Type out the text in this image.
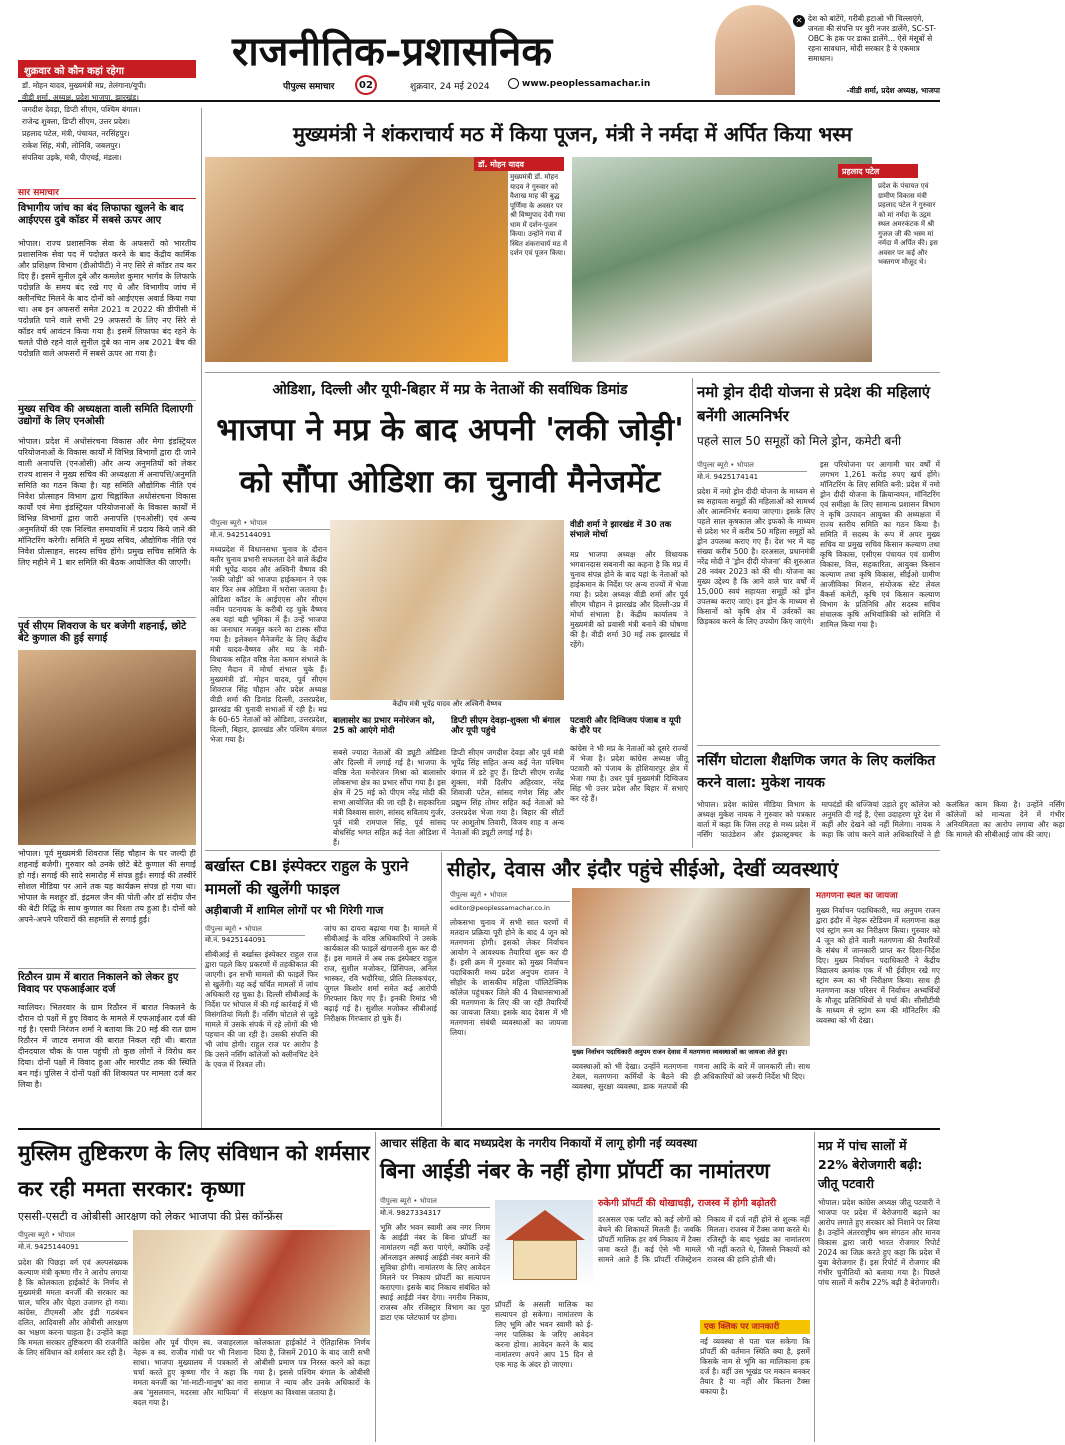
राजनीतिक-प्रशासनिक
पीपुल्स समाचार	02	शुक्रवार, 24 मई 2024	www.peoplessamachar.in
✕ देश को बांटेंगे, गरीबी हटाओ भी चिल्लाएंगे, जनता की संपत्ति पर बुरी नजर डालेंगे, SC-ST-OBC के हक पर डाका डालेंगे... ऐसे मंसूबों से रहना सावधान, मोदी सरकार है ये एकमात्र समाधान।
-वीडी शर्मा, प्रदेश अध्यक्ष, भाजपा
शुक्रवार को कौन कहां रहेगा
डॉ. मोहन यादव, मुख्यमंत्री मप्र, तेलंगाना/यूपी।
वीडी शर्मा, अध्यक्ष, प्रदेश भाजपा, झारखंड।
जगदीश देवड़ा, डिप्टी सीएम, पश्चिम बंगाल।
राजेन्द्र शुक्ला, डिप्टी सीएम, उत्तर प्रदेश।
प्रहलाद पटेल, मंत्री, पंचायत, नरसिंहपुर।
राकेश सिंह, मंत्री, लोनिवि, जबलपुर।
संपतिया उइके, मंत्री, पीएचई, मंडला।
सार समाचार
विभागीय जांच का बंद लिफाफा खुलने के बाद आईएएस दुबे कॉडर में सबसे ऊपर आए
भोपाल। राज्य प्रशासनिक सेवा के अफसरों को भारतीय प्रशासनिक सेवा पद में पदोन्नत करने के बाद केंद्रीय कार्मिक और प्रशिक्षण विभाग (डीओपीटी) ने नए सिरे से कॉडर तय कर दिए हैं। इसमें सुनील दुबे और कमलेश कुमार भार्गव के लिफाफे पदोन्नति के समय बंद रखे गए थे और विभागीय जांच में क्लीनचिट मिलने के बाद दोनों को आईएएस अवार्ड किया गया था। अब इन अफसरों समेत 2021 व 2022 की डीपीसी में पदोन्नति पाने वाले सभी 29 अफसरों के लिए नए सिरे से कॉडर वर्ष आवंटन किया गया है। इसमें लिफाफा बंद रहने के चलते पीछे रहने वाले सुनील दुबे का नाम अब 2021 बैच की पदोन्नति वाले अफसरों में सबसे ऊपर आ गया है।
मुख्य सचिव की अध्यक्षता वाली समिति दिलाएगी उद्योगों के लिए एनओसी
भोपाल। प्रदेश में अधोसंरचना विकास और मेगा इंडस्ट्रियल परियोजनाओं के विकास कार्यों में विभिन्न विभागों द्वारा दी जाने वाली अनापत्ति (एनओसी) और अन्य अनुमतियों को लेकर राज्य शासन ने मुख्य सचिव की अध्यक्षता में अनापत्ति/अनुमति समिति का गठन किया है। यह समिति औद्योगिक नीति एवं निवेश प्रोत्साहन विभाग द्वारा चिह्नांकित अधोसंरचना विकास कार्यों एवं मेगा इंडस्ट्रियल परियोजनाओं के विकास कार्यों में विभिन्न विभागों द्वारा जारी अनापत्ति (एनओसी) एवं अन्य अनुमतियों की एक निश्चित समयावधि में प्रदाय किये जाने की मॉनिटरिंग करेगी। समिति में मुख्य सचिव, औद्योगिक नीति एवं निवेश प्रोत्साहन, सदस्य सचिव होंगे। प्रमुख सचिव समिति के लिए महीने में 1 बार समिति की बैठक आयोजित की जाएगी।
पूर्व सीएम शिवराज के घर बजेगी शहनाई, छोटे बेटे कुणाल की हुई सगाई
भोपाल। पूर्व मुख्यमंत्री शिवराज सिंह चौहान के घर जल्दी ही शहनाई बजेगी। गुरुवार को उनके छोटे बेटे कुणाल की सगाई हो गई। सगाई की सादे समारोह में संपन्न हुई। सगाई की तस्वीरें सोशल मीडिया पर आने तक यह कार्यक्रम संपन्न हो गया था। भोपाल के मशहूर डॉ. इंद्रमल जैन की पोती और डॉ संदीप जैन की बेटी रिद्धि के साथ कुणाल का रिश्ता तय हुआ है। दोनों को अपने-अपने परिवारों की सहमति से सगाई हुई।
रिठौरन ग्राम में बारात निकालने को लेकर हुए विवाद पर एफआईआर दर्ज
ग्वालियर। भितरवार के ग्राम रिठौरन में बारात निकलने के दौरान दो पक्षों में हुए विवाद के मामले में एफआईआर दर्ज की गई है। एसपी निरंजन शर्मा ने बताया कि 20 मई की रात ग्राम रिठौरन में जाटव समाज की बारात निकल रही थी। बारात दीनदयाल चौक के पास पहुंची तो कुछ लोगों ने विरोध कर दिया। दोनों पक्षों में विवाद हुआ और मारपीट तक की स्थिति बन गई। पुलिस ने दोनों पक्षों की शिकायत पर मामला दर्ज कर लिया है।
मुख्यमंत्री ने शंकराचार्य मठ में किया पूजन, मंत्री ने नर्मदा में अर्पित किया भस्म
डॉ. मोहन यादव
मुख्यमंत्री डॉ. मोहन यादव ने गुरुवार को वैशाख माह की बुद्ध पूर्णिमा के अवसर पर श्री विष्णुपाद देवी गया धाम में दर्शन-पूजन किया। उन्होंने गया में स्थित शंकराचार्य मठ में दर्शन एवं पूजन किया।
प्रहलाद पटेल
प्रदेश के पंचायत एवं ग्रामीण विकास मंत्री प्रहलाद पटेल ने गुरुवार को मां नर्मदा के उद्गम स्थल अमरकंटक में श्री गुजज जी की भस्म मां नर्मदा में अर्पित की। इस अवसर पर कई और भक्तगण मौजूद थे।
ओडिशा, दिल्ली और यूपी-बिहार में मप्र के नेताओं की सर्वाधिक डिमांड
भाजपा ने मप्र के बाद अपनी 'लकी जोड़ी' को सौंपा ओडिशा का चुनावी मैनेजमेंट
पीपुल्स ब्यूरो • भोपाल
मो.नं. 9425144091
केंद्रीय मंत्री भूपेंद्र यादव और अश्विनी वैष्णव
मध्यप्रदेश में विधानसभा चुनाव के दौरान बतौर चुनाव प्रभारी सफलता देने वाले केंद्रीय मंत्री भूपेंद्र यादव और अश्विनी वैष्णव की 'लकी जोड़ी' को भाजपा हाईकमान ने एक बार फिर अब ओडिशा में भरोसा जताया है। ओडिशा कॉडर के आईएएस और सीएम नवीन पटनायक के करीबी रह चुके वैष्णव अब यहां बड़ी भूमिका में हैं। उन्हें भाजपा का जनाधार मजबूत करने का टास्क सौंपा गया है। इलेक्शन मैनेजमेंट के लिए केंद्रीय मंत्री यादव-वैष्णव और मप्र के मंत्री-विधायक सहित वरिष्ठ नेता कमान संभाले के लिए मैदान में मोर्चा संभाल चुके हैं। मुख्यमंत्री डॉ. मोहन यादव, पूर्व सीएम शिवराज सिंह चौहान और प्रदेश अध्यक्ष वीडी शर्मा की डिमांड दिल्ली, उत्तरप्रदेश, झारखंड की चुनावी सभाओं में रही है। मप्र के 60-65 नेताओं को ओडिशा, उत्तरप्रदेश, दिल्ली, बिहार, झारखंड और पश्चिम बंगाल भेजा गया है।
बालासोर का प्रभार मनोरंजन को, 25 को आएंगे मोदी
सबसे ज्यादा नेताओं की ड्यूटी ओडिशा और दिल्ली में लगाई गई है। भाजपा के वरिष्ठ नेता मनोरंजन मिश्रा को बालासोर लोकसभा क्षेत्र का प्रभार सौंपा गया है। इस क्षेत्र में 25 मई को पीएम नरेंद्र मोदी की सभा आयोजित की जा रही है। सहकारिता मंत्री विश्वास सारंग, सांसद सविताय गुर्जर, पूर्व मंत्री रामपाल सिंह, पूर्व सांसद बोधसिंह भगत सहित कई नेता ओडिशा में हैं।
डिप्टी सीएम देवड़ा-शुक्ला भी बंगाल और यूपी पहुंचे
डिप्टी सीएम जगदीश देवड़ा और पूर्व मंत्री भूपेंद्र सिंह सहित अन्य कई नेता पश्चिम बंगाल में डटे हुए हैं। डिप्टी सीएम राजेंद्र शुक्ला, मंत्री दिलीप अहिरवार, नरेंद्र शिवाजी पटेल, सांसद गणेश सिंह और प्रद्युम्न सिंह तोमर सहित कई नेताओं को उत्तरप्रदेश भेजा गया है। बिहार की सीटों पर आशुतोष तिवारी, विजय शाह व अन्य नेताओं की ड्यूटी लगाई गई है।
वीडी शर्मा ने झारखंड में 30 तक संभाले मोर्चा
मप्र भाजपा अध्यक्ष और विधायक भगवानदास सबनानी का कहना है कि मप्र में चुनाव संपन्न होने के बाद यहां के नेताओं को हाईकमान के निर्देश पर अन्य राज्यों में भेजा गया है। प्रदेश अध्यक्ष वीडी शर्मा और पूर्व सीएम चौहान ने झारखंड और दिल्ली-उप्र में मोर्चा संभाला है। केंद्रीय कार्यालय ने मुख्यमंत्री को प्रवासी मंत्री बनाने की घोषणा की है। वीडी शर्मा 30 मई तक झारखंड में रहेंगे।
पटवारी और दिग्विजय पंजाब व यूपी के दौरे पर
कांग्रेस ने भी मप्र के नेताओं को दूसरे राज्यों में भेजा है। प्रदेश कांग्रेस अध्यक्ष जीतू पटवारी को पंजाब के होशियारपुर क्षेत्र में भेजा गया है। उधर पूर्व मुख्यमंत्री दिग्विजय सिंह भी उत्तर प्रदेश और बिहार में सभाएं कर रहे हैं।
नमो ड्रोन दीदी योजना से प्रदेश की महिलाएं बनेंगी आत्मनिर्भर
पहले साल 50 समूहों को मिले ड्रोन, कमेटी बनी
पीपुल्स ब्यूरो • भोपाल
मो.नं. 9425174141
प्रदेश में नमो ड्रोन दीदी योजना के माध्यम से स्व सहायता समूहों की महिलाओं को सामर्थ्य और आत्मनिर्भर बनाया जाएगा। इसके लिए पहले साल कृषकाल और इफको के माध्यम से प्रदेश भर में करीब 50 महिला समूहों को ड्रोन उपलब्ध कराए गए हैं। देश भर में यह संख्या करीब 500 है। दरअसल, प्रधानमंत्री नरेंद्र मोदी ने 'ड्रोन दीदी योजना' की शुरुआत 28 नवंबर 2023 को की थी। योजना का मुख्य उद्देश्य है कि आने वाले चार वर्षों में 15,000 स्वयं सहायता समूहों को ड्रोन उपलब्ध कराए जाएं। इन ड्रोन के माध्यम से किसानों को कृषि क्षेत्र में उर्वरकों का छिड़काव करने के लिए उपयोग किए जाएंगे।
इस परियोजना पर आगामी चार वर्षों में लगभग 1,261 करोड़ रुपए खर्च होंगे। मॉनिटरिंग के लिए समिति बनी: प्रदेश में नमो ड्रोन दीदी योजना के क्रियान्वयन, मॉनिटरिंग एवं समीक्षा के लिए सामान्य प्रशासन विभाग ने कृषि उत्पादन आयुक्त की अध्यक्षता में राज्य स्तरीय समिति का गठन किया है। समिति में सदस्य के रूप में अपर मुख्य सचिव या प्रमुख सचिव किसान कल्याण तथा कृषि विकास, एसीएस पंचायत एवं ग्रामीण विकास, वित्त, सहकारिता, आयुक्त किसान कल्याण तथा कृषि विकास, सीईओ ग्रामीण आजीविका मिशन, संयोजक स्टेट लेवल बैंकर्स कमेटी, कृषि एवं किसान कल्याण विभाग के प्रतिनिधि और सदस्य सचिव संचालक कृषि अभियांत्रिकी को समिति में शामिल किया गया है।
नर्सिंग घोटाला शैक्षणिक जगत के लिए कलंकित करने वाला: मुकेश नायक
भोपाल। प्रदेश कांग्रेस मीडिया विभाग के अध्यक्ष मुकेश नायक ने गुरुवार को पत्रकार वार्ता में कहा कि जिस तरह से मध्य प्रदेश में नर्सिंग फाउंडेशन और इंफ्रास्ट्रक्चर के मापदंडों की धज्जियां उड़ाते हुए कॉलेज को अनुमति दी गई है, ऐसा उदाहरण पूरे देश में कहीं और देखने को नहीं मिलेगा। नायक ने कहा कि जांच करने वाले अधिकारियों ने ही कलंकित काम किया है। उन्होंने नर्सिंग कॉलेजों को मान्यता देने में गंभीर अनियमितता का आरोप लगाया और कहा कि मामले की सीबीआई जांच की जाए।
बर्खास्त CBI इंस्पेक्टर राहुल के पुराने मामलों की खुलेंगी फाइल
अड़ीबाजी में शामिल लोगों पर भी गिरेगी गाज
पीपुल्स ब्यूरो • भोपाल
मो.नं. 9425144091
सीबीआई से बर्खास्त इंस्पेक्टर राहुल राज द्वारा पहले किए प्रकरणों में तहकीकात की जाएगी। इन सभी मामलों की फाइलें फिर से खुलेंगी। यह कई चर्चित मामलों में जांच अधिकारी रह चुका है। दिल्ली सीबीआई के निर्देश पर भोपाल में की गई कार्रवाई में भी विसंगतियां मिली हैं। नर्सिंग घोटाले से जुड़े मामले में उसके संपर्क में रहे लोगों की भी पहचान की जा रही है। उसकी संपत्ति की भी जांच होगी। राहुल राज पर आरोप है कि उसने नर्सिंग कॉलेजों को क्लीनचिट देने के एवज में रिश्वत ली।
जांच का दायरा बढ़ाया गया है। मामले में सीबीआई के वरिष्ठ अधिकारियों ने उसके कार्यकाल की फाइलें खंगालनी शुरू कर दी हैं। इस मामले में अब तक इंस्पेक्टर राहुल राज, सुशील मजोकर, प्रिंसिपल, अनिल भास्कर, रवि भदौरिया, प्रीति तिलकचंदर, जुगल किशोर शर्मा समेत कई आरोपी गिरफ्तार किए गए हैं। इनकी रिमांड भी बढ़ाई गई है। सुशील मजोकर सीबीआई निरीक्षक गिरफ्तार हो चुके हैं।
सीहोर, देवास और इंदौर पहुंचे सीईओ, देखीं व्यवस्थाएं
पीपुल्स ब्यूरो • भोपाल
editor@peoplessamachar.co.in
लोकसभा चुनाव में सभी सात चरणों में मतदान प्रक्रिया पूरी होने के बाद 4 जून को मतगणना होगी। इसको लेकर निर्वाचन आयोग ने आवश्यक तैयारियां शुरू कर दी हैं। इसी क्रम में गुरुवार को मुख्य निर्वाचन पदाधिकारी मध्य प्रदेश अनुपम राजन ने सीहोर के शासकीय महिला पॉलिटेक्निक कॉलेज पहुंचकर जिले की 4 विधानसभाओं की मतगणना के लिए की जा रही तैयारियों का जायजा लिया। इसके बाद देवास में भी मतगणना संबंधी व्यवस्थाओं का जायजा लिया।
मुख्य निर्वाचन पदाधिकारी अनुपम राजन देवास में मतगणना व्यवस्थाओं का जायजा लेते हुए।
व्यवस्थाओं को भी देखा। उन्होंने मतगणना टेबल, मतगणना कर्मियों के बैठने की व्यवस्था, सुरक्षा व्यवस्था, डाक मतपत्रों की गणना आदि के बारे में जानकारी ली। साथ ही अधिकारियों को जरूरी निर्देश भी दिए।
मतगणना स्थल का जायजा
मुख्य निर्वाचन पदाधिकारी, मप्र अनुपम राजन द्वारा इंदौर में नेहरू स्टेडियम में मतगणना कक्ष एवं स्ट्रांग रूम का निरीक्षण किया। गुरुवार को 4 जून को होने वाली मतगणना की तैयारियों के संबंध में जानकारी प्राप्त कर दिशा-निर्देश दिए। मुख्य निर्वाचन पदाधिकारी ने केंद्रीय विद्यालय क्रमांक एक में भी ईवीएम रखे गए स्ट्रांग रूम का भी निरीक्षण किया। साथ ही मतगणना कक्ष परिसर में निर्वाचन अभ्यर्थियों के मौजूद प्रतिनिधियों से चर्चा की। सीसीटीवी के माध्यम से स्ट्रांग रूम की मॉनिटरिंग की व्यवस्था को भी देखा।
मुस्लिम तुष्टिकरण के लिए संविधान को शर्मसार कर रही ममता सरकार: कृष्णा
एससी-एसटी व ओबीसी आरक्षण को लेकर भाजपा की प्रेस कॉन्फ्रेंस
पीपुल्स ब्यूरो • भोपाल
मो.नं. 9425144091
प्रदेश की पिछड़ा वर्ग एवं अल्पसंख्यक कल्याण मंत्री कृष्णा गौर ने आरोप लगाया है कि कोलकाता हाईकोर्ट के निर्णय से मुख्यमंत्री ममता बनर्जी की सरकार का चाल, चरित्र और चेहरा उजागर हो गया। कांग्रेस, टीएमसी और इंडी गठबंधन दलित, आदिवासी और ओबीसी आरक्षण का भक्षण करना चाहता है। उन्होंने कहा कि ममता सरकार तुष्टिकरण की राजनीति के लिए संविधान को शर्मसार कर रही है।
कांग्रेस और पूर्व पीएम स्व. जवाहरलाल नेहरू व स्व. राजीव गांधी पर भी निशाना साधा। भाजपा मुख्यालय में पत्रकारों से चर्चा करते हुए कृष्णा गौर ने कहा कि ममता बनर्जी का 'मां-माटी-मानुष' का नारा अब 'मुसलमान, मदरसा और माफिया' में बदल गया है।
कोलकाता हाईकोर्ट ने ऐतिहासिक निर्णय दिया है, जिसमें 2010 के बाद जारी सभी ओबीसी प्रमाण पत्र निरस्त करने को कहा गया है। इससे पश्चिम बंगाल के ओबीसी समाज ने न्याय और उनके अधिकारों के संरक्षण का विश्वास जताया है।
आचार संहिता के बाद मध्यप्रदेश के नगरीय निकायों में लागू होगी नई व्यवस्था
बिना आईडी नंबर के नहीं होगा प्रॉपर्टी का नामांतरण
पीपुल्स ब्यूरो • भोपाल
मो.नं. 9827334317
भूमि और भवन स्वामी अब नगर निगम के आईडी नंबर के बिना प्रॉपर्टी का नामांतरण नहीं करा पाएंगे, क्योंकि उन्हें ऑनलाइन अस्थाई आईडी नंबर बनाने की सुविधा होगी। नामांतरण के लिए आवेदन मिलने पर निकाय प्रॉपर्टी का सत्यापन कराएगा। इसके बाद निकाय संबंधित को स्थाई आईडी नंबर देगा। नगरीय निकाय, राजस्व और रजिस्ट्रार विभाग का पूरा डाटा एक प्लेटफार्म पर होगा।
प्रॉपर्टी के असली मालिक का सत्यापन हो सकेगा। नामांतरण के लिए भूमि और भवन स्वामी को ई-नगर पालिका के जरिए आवेदन करना होगा। आवेदन करने के बाद नामांतरण अपने आप 15 दिन से एक माह के अंदर हो जाएगा।
रुकेगी प्रॉपर्टी की धोखाधड़ी, राजस्व में होगी बढ़ोतरी
दरअसल एक प्लॉट को कई लोगों को बेचने की शिकायतें मिलती हैं। जबकि प्रॉपर्टी मालिक हर वर्ष निकाय में टैक्स जमा करते हैं। कई ऐसे भी मामले सामने आते हैं कि प्रॉपर्टी रजिस्ट्रेशन निकाय में दर्ज नहीं होने से शुल्क नहीं मिलता। राजस्व में टैक्स जमा करते थे। रजिस्ट्री के बाद भूखंड का नामांतरण भी नहीं कराते थे, जिससे निकायों को राजस्व की हानि होती थी।
एक क्लिक पर जानकारी
नई व्यवस्था से पता चल सकेगा कि प्रॉपर्टी की वर्तमान स्थिति क्या है, इसमें किसके नाम से भूमि का मालिकाना हक दर्ज है। वहीं उस भूखंड पर मकान बनकर तैयार है या नहीं और कितना टैक्स बकाया है।
मप्र में पांच सालों में 22% बेरोजगारी बढ़ी: जीतू पटवारी
भोपाल। प्रदेश कांग्रेस अध्यक्ष जीतू पटवारी ने भाजपा पर प्रदेश में बेरोजगारी बढ़ाने का आरोप लगाते हुए सरकार को निशाने पर लिया है। उन्होंने अंतरराष्ट्रीय श्रम संगठन और मानव विकास द्वारा जारी भारत रोजगार रिपोर्ट 2024 का जिक्र करते हुए कहा कि प्रदेश में युवा बेरोजगार हैं। इस रिपोर्ट में रोजगार की गंभीर चुनौतियों को बताया गया है। पिछले पांच सालों में करीब 22% बढ़ी है बेरोजगारी।
